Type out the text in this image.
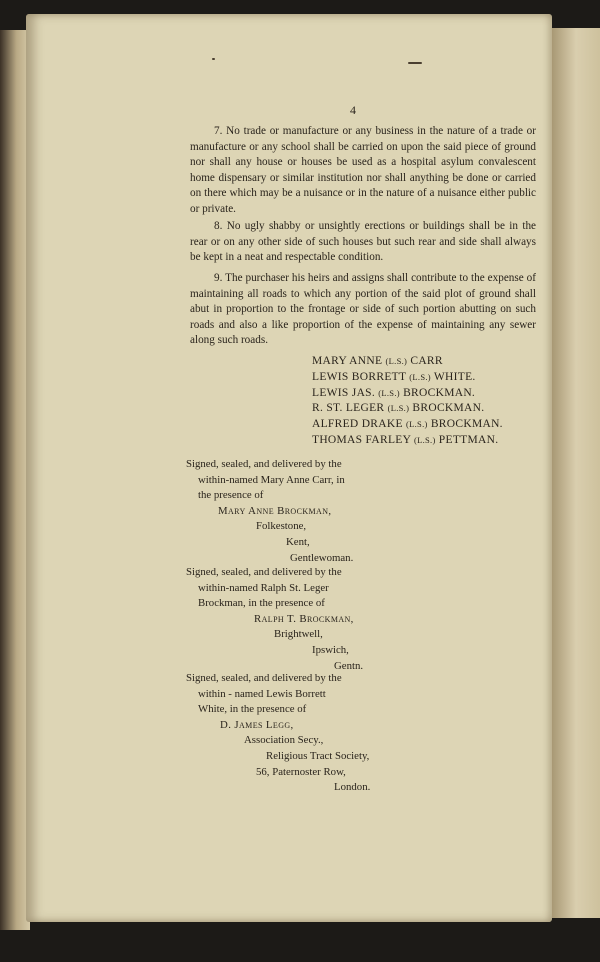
4
7. No trade or manufacture or any business in the nature of a trade or manufacture or any school shall be carried on upon the said piece of ground nor shall any house or houses be used as a hospital asylum convalescent home dispensary or similar institution nor shall anything be done or carried on there which may be a nuisance or in the nature of a nuisance either public or private.
8. No ugly shabby or unsightly erections or buildings shall be in the rear or on any other side of such houses but such rear and side shall always be kept in a neat and respectable condition.
9. The purchaser his heirs and assigns shall contribute to the expense of maintaining all roads to which any portion of the said plot of ground shall abut in proportion to the frontage or side of such portion abutting on such roads and also a like proportion of the expense of maintaining any sewer along such roads.
MARY ANNE (L.S.) CARR
LEWIS BORRETT (L.S.) WHITE.
LEWIS JAS. (L.S.) BROCKMAN.
R. ST. LEGER (L.S.) BROCKMAN.
ALFRED DRAKE (L.S.) BROCKMAN.
THOMAS FARLEY (L.S.) PETTMAN.
Signed, sealed, and delivered by the
within-named Mary Anne Carr, in
the presence of
Mary Anne Brockman,
Folkestone,
Kent,
Gentlewoman.
Signed, sealed, and delivered by the
within-named Ralph St. Leger
Brockman, in the presence of
Ralph T. Brockman,
Brightwell,
Ipswich,
Gentn.
Signed, sealed, and delivered by the
within - named Lewis Borrett
White, in the presence of
D. James Legg,
Association Secy.,
Religious Tract Society,
56, Paternoster Row,
London.
